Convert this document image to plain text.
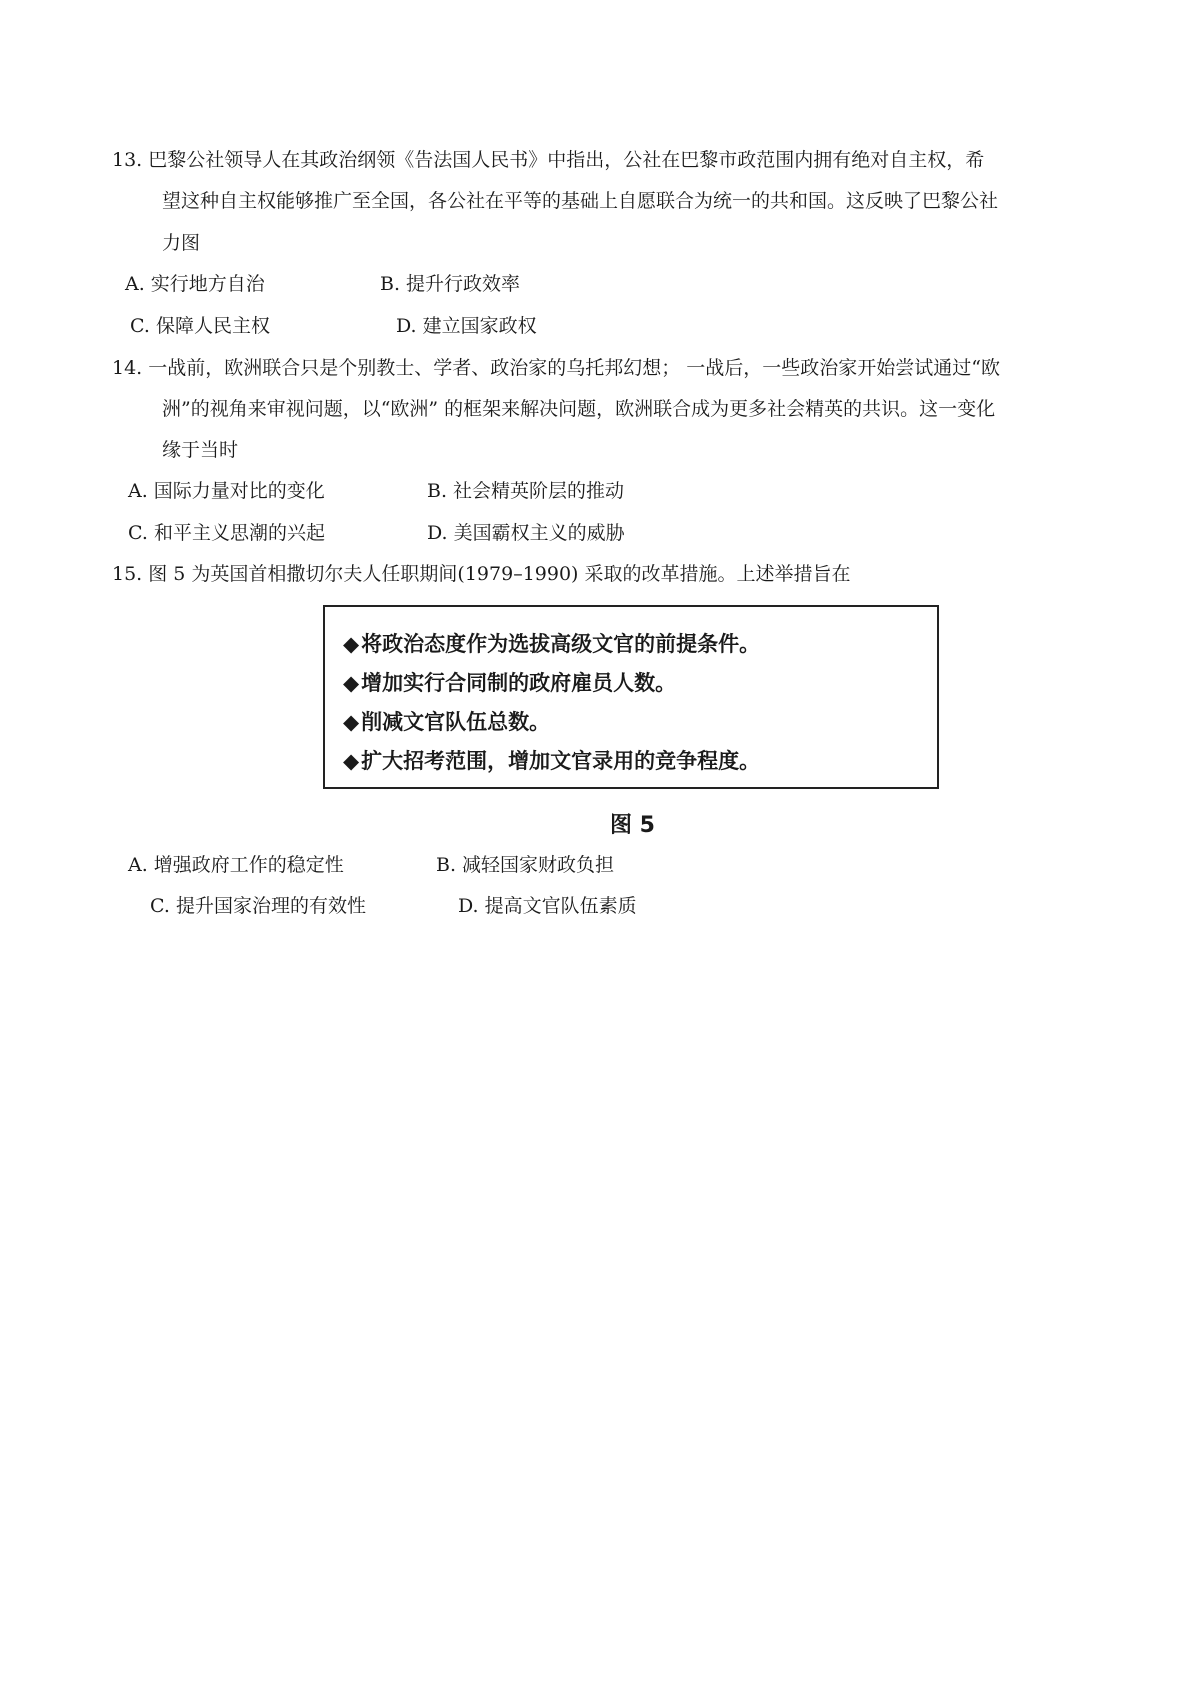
13. 巴黎公社领导人在其政治纲领《告法国人民书》中指出，公社在巴黎市政范围内拥有绝对自主权，希
望这种自主权能够推广至全国，各公社在平等的基础上自愿联合为统一的共和国。这反映了巴黎公社
力图
A. 实行地方自治	B. 提升行政效率
C. 保障人民主权	D. 建立国家政权
14. 一战前，欧洲联合只是个别教士、学者、政治家的乌托邦幻想； 一战后，一些政治家开始尝试通过“欧
洲”的视角来审视问题，以“欧洲” 的框架来解决问题，欧洲联合成为更多社会精英的共识。这一变化
缘于当时
A. 国际力量对比的变化	B. 社会精英阶层的推动
C. 和平主义思潮的兴起	D. 美国霸权主义的威胁
15. 图 5 为英国首相撒切尔夫人任职期间(1979–1990) 采取的改革措施。上述举措旨在
◆将政治态度作为选拔高级文官的前提条件。
◆增加实行合同制的政府雇员人数。
◆削减文官队伍总数。
◆扩大招考范围，增加文官录用的竞争程度。
图 5
A. 增强政府工作的稳定性	B. 减轻国家财政负担
C. 提升国家治理的有效性	D. 提高文官队伍素质
